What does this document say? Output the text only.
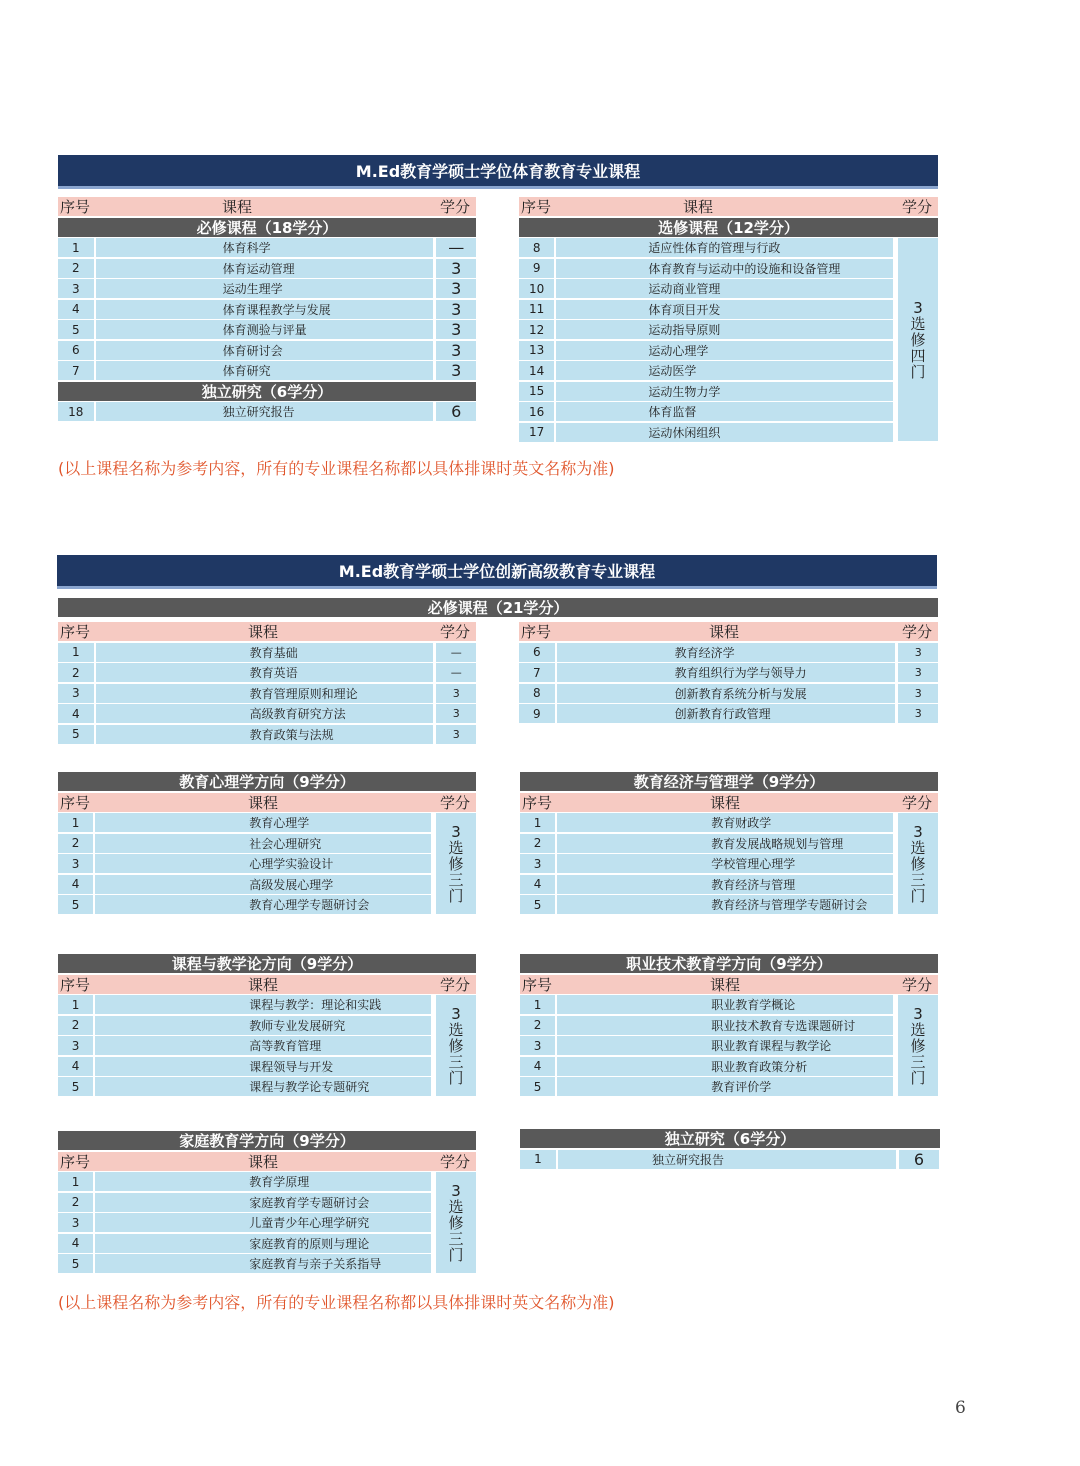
M.Ed教育学硕士学位体育教育专业课程
序号	课程	学分
必修课程（18学分）
1	体育科学	—
2	体育运动管理	3
3	运动生理学	3
4	体育课程教学与发展	3
5	体育测验与评量	3
6	体育研讨会	3
7	体育研究	3
独立研究（6学分）
18	独立研究报告	6
序号	课程	学分
选修课程（12学分）
8	适应性体育的管理与行政
9	体育教育与运动中的设施和设备管理
10	运动商业管理
11	体育项目开发
12	运动指导原则
13	运动心理学
14	运动医学
15	运动生物力学
16	体育监督
17	运动休闲组织
3
选
修
四
门
(以上课程名称为参考内容，所有的专业课程名称都以具体排课时英文名称为准)
M.Ed教育学硕士学位创新高级教育专业课程
必修课程（21学分）
序号	课程	学分
1	教育基础	—
2	教育英语	—
3	教育管理原则和理论	3
4	高级教育研究方法	3
5	教育政策与法规	3
序号	课程	学分
6	教育经济学	3
7	教育组织行为学与领导力	3
8	创新教育系统分析与发展	3
9	创新教育行政管理	3
教育心理学方向（9学分）
序号	课程	学分
1	教育心理学
2	社会心理研究
3	心理学实验设计
4	高级发展心理学
5	教育心理学专题研讨会
3
选
修
三
门
教育经济与管理学（9学分）
序号	课程	学分
1	教育财政学
2	教育发展战略规划与管理
3	学校管理心理学
4	教育经济与管理
5	教育经济与管理学专题研讨会
3
选
修
三
门
课程与教学论方向（9学分）
序号	课程	学分
1	课程与教学：理论和实践
2	教师专业发展研究
3	高等教育管理
4	课程领导与开发
5	课程与教学论专题研究
3
选
修
三
门
职业技术教育学方向（9学分）
序号	课程	学分
1	职业教育学概论
2	职业技术教育专选课题研讨
3	职业教育课程与教学论
4	职业教育政策分析
5	教育评价学
3
选
修
三
门
家庭教育学方向（9学分）
序号	课程	学分
1	教育学原理
2	家庭教育学专题研讨会
3	儿童青少年心理学研究
4	家庭教育的原则与理论
5	家庭教育与亲子关系指导
3
选
修
三
门
独立研究（6学分）
1	独立研究报告	6
(以上课程名称为参考内容，所有的专业课程名称都以具体排课时英文名称为准)
6
